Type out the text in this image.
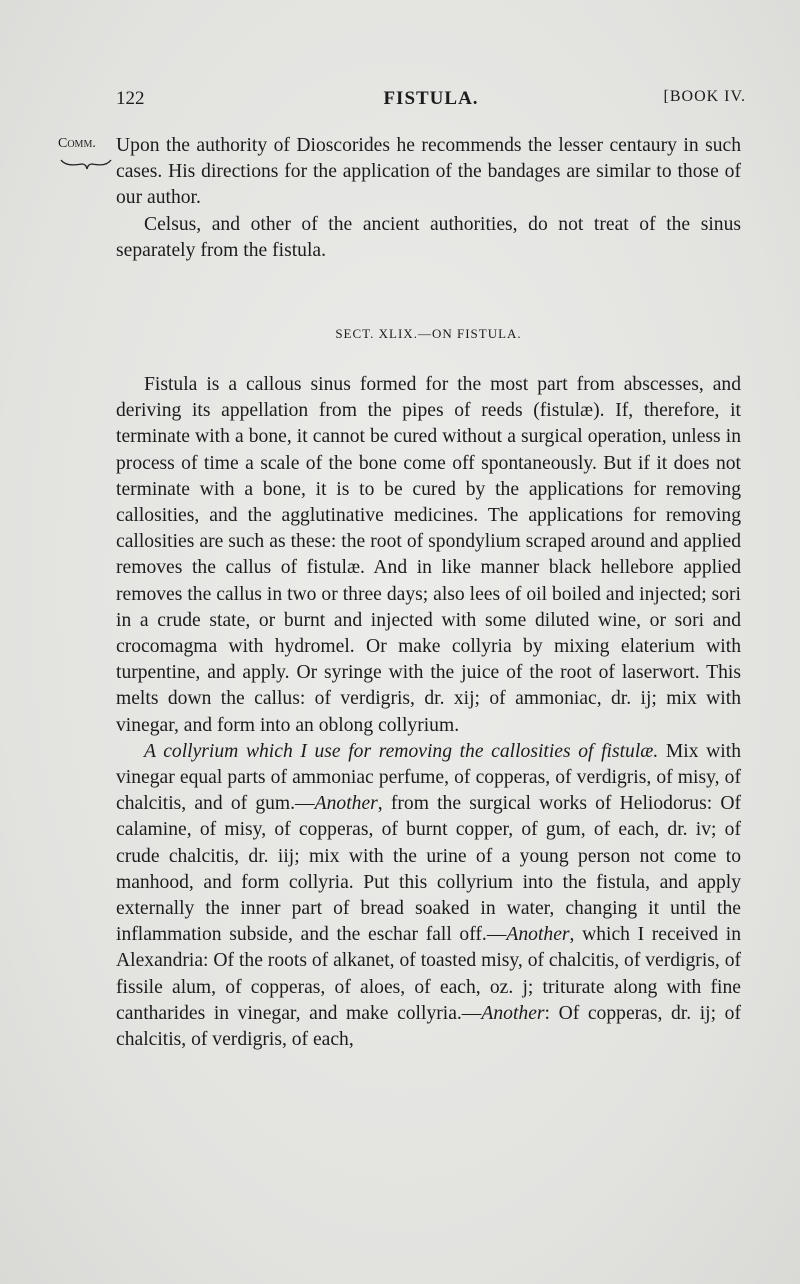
122	FISTULA.	[BOOK IV.
Comm.	Upon the authority of Dioscorides he recommends the lesser centaury in such cases. His directions for the application of the bandages are similar to those of our author.

Celsus, and other of the ancient authorities, do not treat of the sinus separately from the fistula.

SECT. XLIX.—ON FISTULA.

Fistula is a callous sinus formed for the most part from abscesses, and deriving its appellation from the pipes of reeds (fistulæ). If, therefore, it terminate with a bone, it cannot be cured without a surgical operation, unless in process of time a scale of the bone come off spontaneously. But if it does not terminate with a bone, it is to be cured by the applications for removing callosities, and the agglutinative medicines. The applications for removing callosities are such as these: the root of spondylium scraped around and applied removes the callus of fistulæ. And in like manner black hellebore applied removes the callus in two or three days; also lees of oil boiled and injected; sori in a crude state, or burnt and injected with some diluted wine, or sori and crocomagma with hydromel. Or make collyria by mixing elaterium with turpentine, and apply. Or syringe with the juice of the root of laserwort. This melts down the callus: of verdigris, dr. xij; of ammoniac, dr. ij; mix with vinegar, and form into an oblong collyrium.

A collyrium which I use for removing the callosities of fistulæ. Mix with vinegar equal parts of ammoniac perfume, of copperas, of verdigris, of misy, of chalcitis, and of gum.—Another, from the surgical works of Heliodorus: Of calamine, of misy, of copperas, of burnt copper, of gum, of each, dr. iv; of crude chalcitis, dr. iij; mix with the urine of a young person not come to manhood, and form collyria. Put this collyrium into the fistula, and apply externally the inner part of bread soaked in water, changing it until the inflammation subside, and the eschar fall off.—Another, which I received in Alexandria: Of the roots of alkanet, of toasted misy, of chalcitis, of verdigris, of fissile alum, of copperas, of aloes, of each, oz. j; triturate along with fine cantharides in vinegar, and make collyria.—Another: Of copperas, dr. ij; of chalcitis, of verdigris, of each,
